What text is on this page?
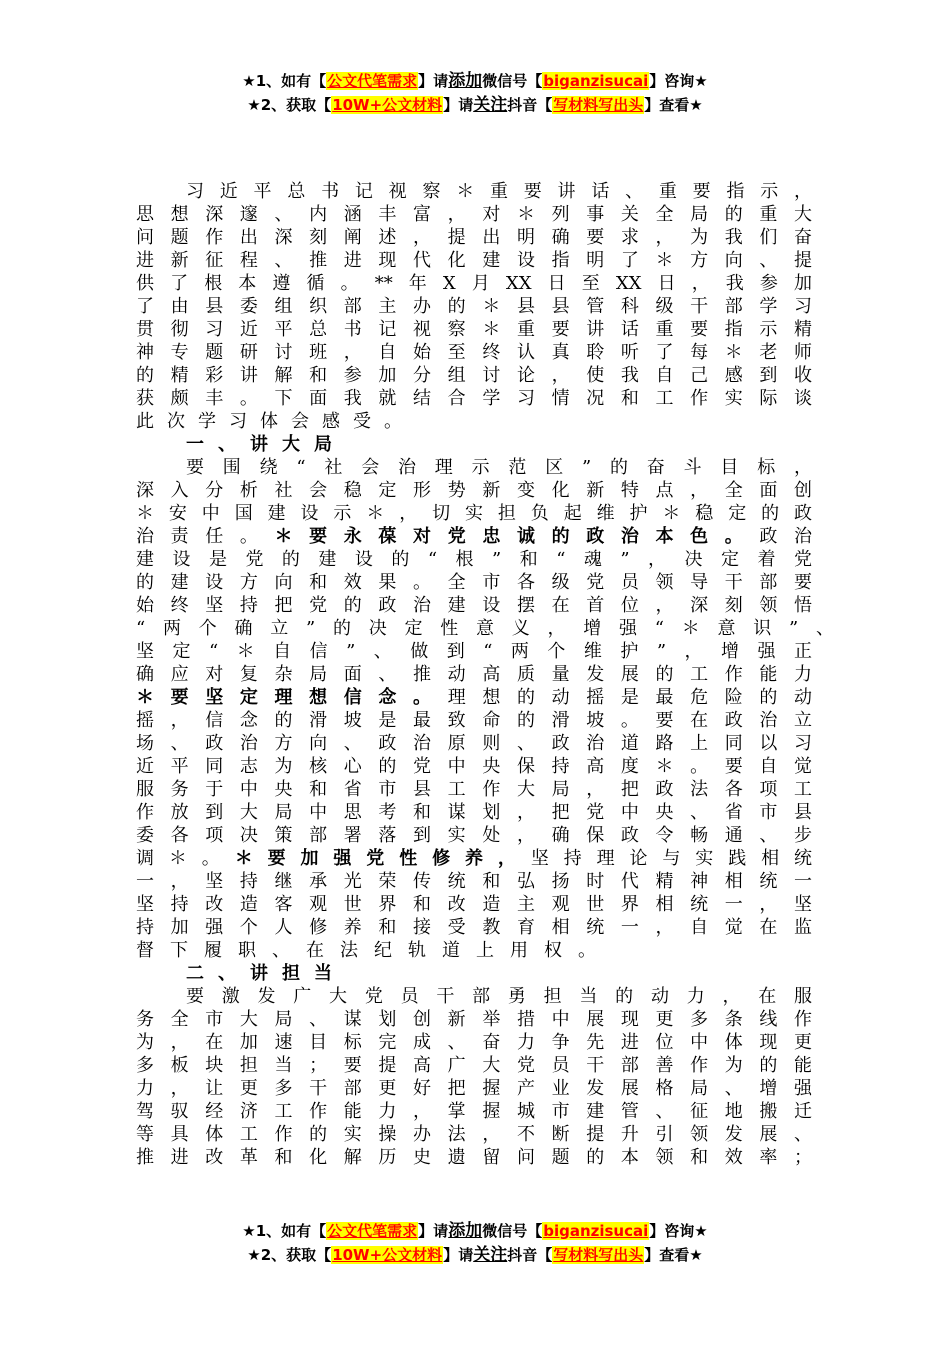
★1、如有【公文代笔需求】请添加微信号【biganzisucai】咨询★
★2、获取【10W+公文材料】请关注抖音【写材料写出头】查看★
习近平总书记视察＊重要讲话、重要指示，
思想深邃、内涵丰富，对＊列事关全局的重大
问题作出深刻阐述，提出明确要求，为我们奋
进新征程、推进现代化建设指明了＊方向、提
供了根本遵循。**年X月XX日至XX日，我参加
了由县委组织部主办的＊县县管科级干部学习
贯彻习近平总书记视察＊重要讲话重要指示精
神专题研讨班，自始至终认真聆听了每＊老师
的精彩讲解和参加分组讨论，使我自己感到收
获颇丰。下面我就结合学习情况和工作实际谈
此次学习体会感受。
一、讲大局
要围绕“社会治理示范区”的奋斗目标，
深入分析社会稳定形势新变化新特点，全面创
＊安中国建设示＊，切实担负起维护＊稳定的政
治责任。＊要永葆对党忠诚的政治本色。政治
建设是党的建设的“根”和“魂”，决定着党
的建设方向和效果。全市各级党员领导干部要
始终坚持把党的政治建设摆在首位，深刻领悟
“两个确立”的决定性意义，增强“＊意识”、
坚定“＊自信”、做到“两个维护”，增强正
确应对复杂局面、推动高质量发展的工作能力
＊要坚定理想信念。理想的动摇是最危险的动
摇，信念的滑坡是最致命的滑坡。要在政治立
场、政治方向、政治原则、政治道路上同以习
近平同志为核心的党中央保持高度＊。要自觉
服务于中央和省市县工作大局，把政法各项工
作放到大局中思考和谋划，把党中央、省市县
委各项决策部署落到实处，确保政令畅通、步
调＊。＊要加强党性修养，坚持理论与实践相统
一，坚持继承光荣传统和弘扬时代精神相统一
坚持改造客观世界和改造主观世界相统一，坚
持加强个人修养和接受教育相统一，自觉在监
督下履职、在法纪轨道上用权。
二、讲担当
要激发广大党员干部勇担当的动力，在服
务全市大局、谋划创新举措中展现更多条线作
为，在加速目标完成、奋力争先进位中体现更
多板块担当；要提高广大党员干部善作为的能
力，让更多干部更好把握产业发展格局、增强
驾驭经济工作能力，掌握城市建管、征地搬迁
等具体工作的实操办法，不断提升引领发展、
推进改革和化解历史遗留问题的本领和效率；
★1、如有【公文代笔需求】请添加微信号【biganzisucai】咨询★
★2、获取【10W+公文材料】请关注抖音【写材料写出头】查看★
